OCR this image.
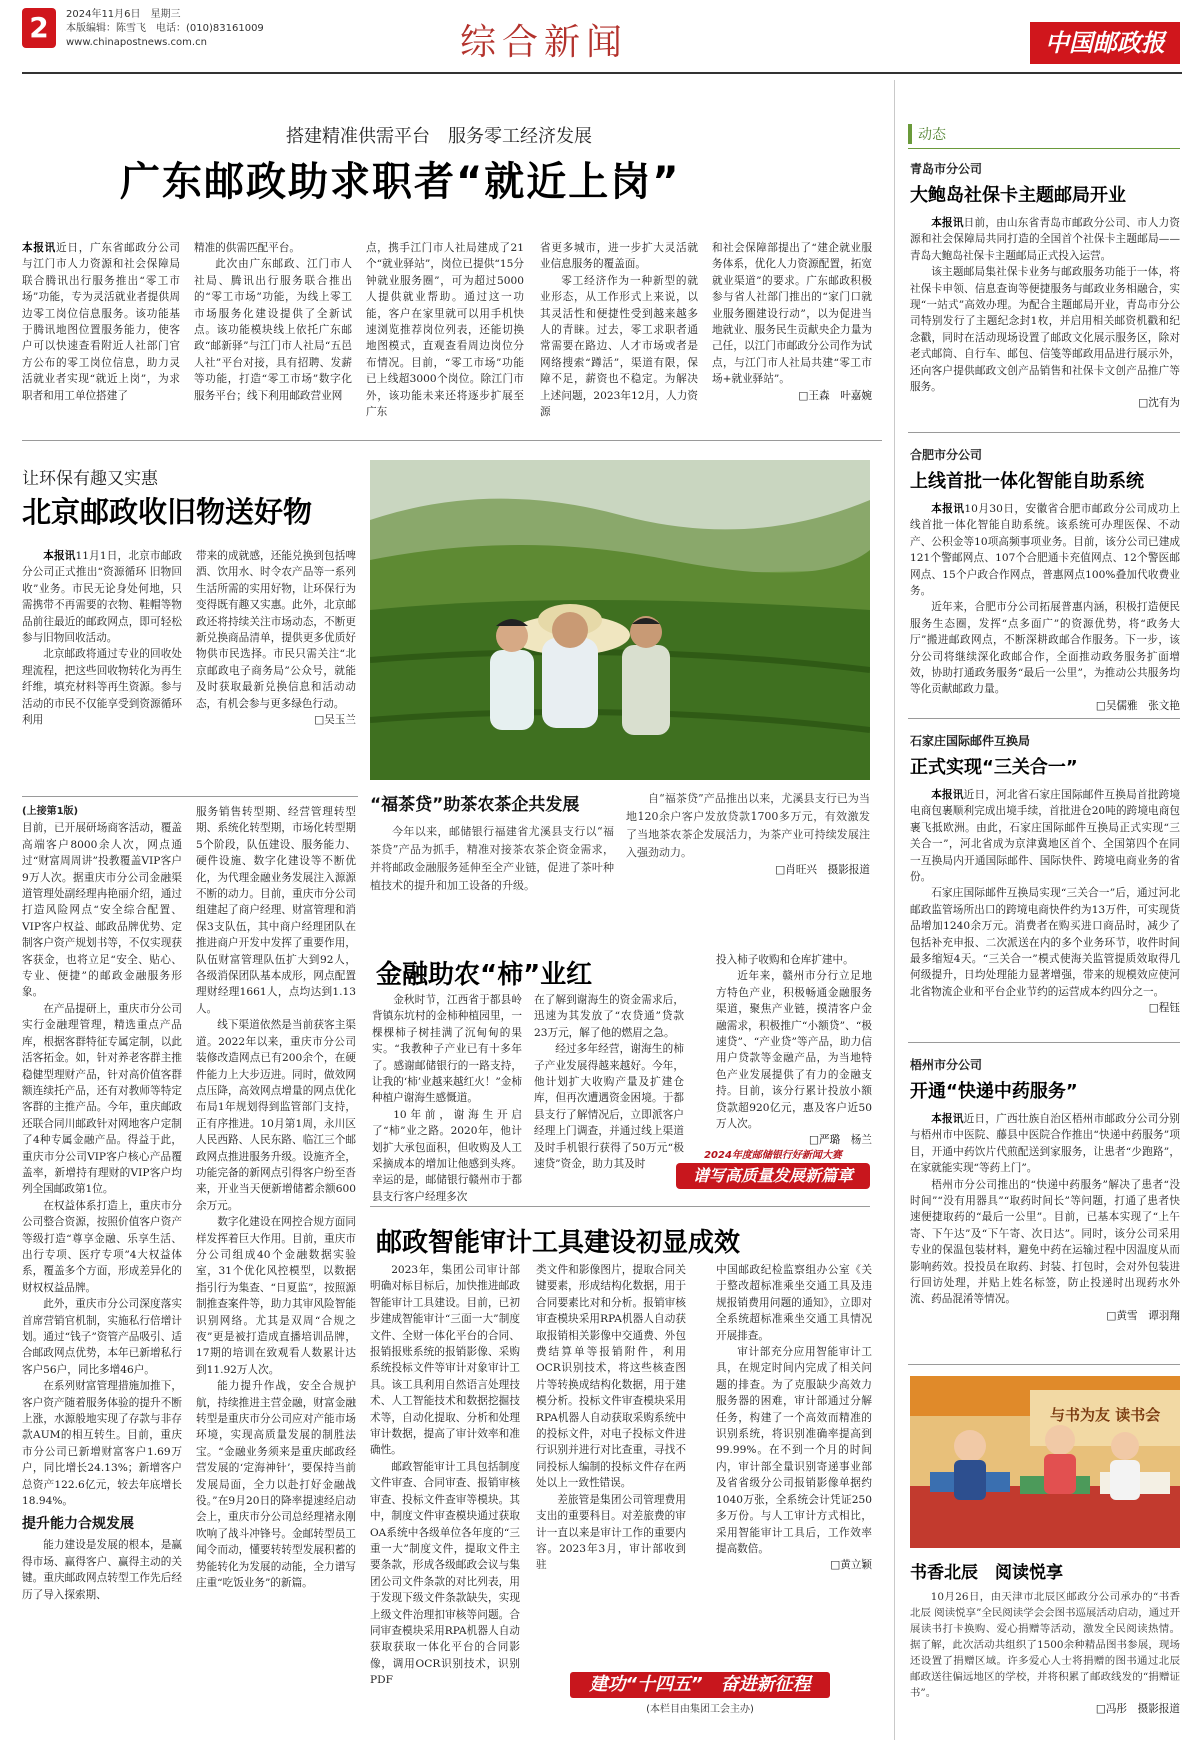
2	2024年11月6日　星期三
本版编辑：陈雪飞　电话：(010)83161009
www.chinapostnews.com.cn	综合新闻	中国邮政报
搭建精准供需平台　服务零工经济发展
广东邮政助求职者“就近上岗”
本报讯近日，广东省邮政分公司与江门市人力资源和社会保障局联合腾讯出行服务推出“零工市场”功能，专为灵活就业者提供周边零工岗位信息服务。该功能基于腾讯地图位置服务能力，使客户可以快速查看附近人社部门官方公布的零工岗位信息，助力灵活就业者实现“就近上岗”，为求职者和用工单位搭建了
精准的供需匹配平台。
此次由广东邮政、江门市人社局、腾讯出行服务联合推出的“零工市场”功能，为线上零工市场服务化建设提供了全新试点。该功能模块线上依托广东邮政“邮新驿”与江门市人社局“五邑人社”平台对接，具有招聘、发薪等功能，打造“零工市场”数字化服务平台；线下利用邮政营业网
点，携手江门市人社局建成了21个“就业驿站”，岗位已提供“15分钟就业服务圈”，可为超过5000人提供就业帮助。通过这一功能，客户在家里就可以用手机快速浏览推荐岗位列表，还能切换地图模式，直观查看周边岗位分布情况。目前，“零工市场”功能已上线超3000个岗位。除江门市外，该功能未来还将逐步扩展至广东
省更多城市，进一步扩大灵活就业信息服务的覆盖面。
零工经济作为一种新型的就业形态，从工作形式上来说，以其灵活性和便捷性受到越来越多人的青睐。过去，零工求职者通常需要在路边、人才市场或者是网络搜索“蹲活”，渠道有限，保障不足，薪资也不稳定。为解决上述问题，2023年12月，人力资源
和社会保障部提出了“建企就业服务体系，优化人力资源配置，拓宽就业渠道”的要求。广东邮政积极参与省人社部门推出的“家门口就业服务圈建设行动”，以为促进当地就业、服务民生贡献央企力量为己任，以江门市邮政分公司作为试点，与江门市人社局共建“零工市场+就业驿站”。
□王森　叶嘉婉
让环保有趣又实惠
北京邮政收旧物送好物
本报讯11月1日，北京市邮政分公司正式推出“资源循环 旧物回收”业务。市民无论身处何地，只需携带不再需要的衣物、鞋帽等物品前往最近的邮政网点，即可轻松参与旧物回收活动。
北京邮政将通过专业的回收处理流程，把这些回收物转化为再生纤维，填充材料等再生资源。参与活动的市民不仅能享受到资源循环利用
带来的成就感，还能兑换到包括啤酒、饮用水、时令农产品等一系列生活所需的实用好物，让环保行为变得既有趣又实惠。此外，北京邮政还将持续关注市场动态，不断更新兑换商品清单，提供更多优质好物供市民选择。市民只需关注“北京邮政电子商务局”公众号，就能及时获取最新兑换信息和活动动态，有机会参与更多绿色行动。
□吴玉兰
“福茶贷”助茶农茶企共发展
今年以来，邮储银行福建省尤溪县支行以“福茶贷”产品为抓手，精准对接茶农茶企资金需求，并将邮政金融服务延伸至全产业链，促进了茶叶种植技术的提升和加工设备的升级。
自“福茶贷”产品推出以来，尤溪县支行已为当地120余户客户发放贷款1700多万元，有效激发了当地茶农茶企发展活力，为茶产业可持续发展注入强劲动力。
□肖旺兴　摄影报道
(上接第1版)
目前，已开展研场商客活动，覆盖高端客户8000余人次，网点通过“财富周周讲”投教覆盖VIP客户9万人次。据重庆市分公司金融渠道管理处副经理冉艳丽介绍，通过打造风险网点“安全综合配置、VIP客户权益、邮政品牌优势、定制客户资产规划书等，不仅实现获客获金，也将立足“安全、贴心、专业、便捷”的邮政金融服务形象。
在产品提研上，重庆市分公司实行金融理管理，精选重点产品库，根据客群特征专属定制，以此活客拓金。如，针对养老客群主推稳健型理财产品，针对高价值客群额连续托产品，还有对教师等特定客群的主推产品。今年，重庆邮政还联合同川邮政针对网地客户定制了4种专属金融产品。得益于此，重庆市分公司VIP客户核心产品覆盖率，新增持有理财的VIP客户均列全国邮政第1位。
在权益体系打造上，重庆市分公司整合资源，按照价值客户资产等级打造“尊享金融、乐享生活、出行专项、医疗专项”4大权益体系，覆盖多个方面，形成差异化的财权权益品牌。
此外，重庆市分公司深度落实首席营销官机制，实施私行倍增计划。通过“钱子”资管产品吸引、适合邮政网点优势，本年已新增私行客户56户，同比多增46户。
在系列财富管理措施加推下，客户资产随着服务体验的提升不断上涨，水源般地实现了存款与非存款AUM的相互转生。目前，重庆市分公司已新增财富客户1.69万户，同比增长24.13%；新增客户总资产122.6亿元，较去年底增长18.94%。
提升能力合规发展
能力建设是发展的根本，是赢得市场、赢得客户、赢得主动的关键。重庆邮政网点转型工作先后经历了导入探索期、
服务销售转型期、经营管理转型期、系统化转型期，市场化转型期5个阶段，队伍建设、服务能力、硬件设施、数字化建设等不断优化，为代理金融业务发展注入源源不断的动力。目前，重庆市分公司组建起了商户经理、财富管理和消保3支队伍，其中商户经理团队在推进商户开发中发挥了重要作用，队伍财富管理队伍扩大到92人，各级消保团队基本成形，网点配置理财经理1661人，点均达到1.13人。
线下渠道依然是当前获客主渠道。2022年以来，重庆市分公司装修改造网点已有200余个，在硬件能力上大步迈进。同时，做效网点压降，高效网点增量的网点优化布局1年规划得到监管部门支持，正有序推进。10月第1周，永川区人民西路、人民东路、临江三个邮政网点推进服务升级。设施齐全，功能完备的新网点引得客户纷至沓来，开业当天便新增储蓄余额600余万元。
数字化建设在网控合规方面同样发挥着巨大作用。目前，重庆市分公司组成40个金融数据实验室，31个优化风控模型，以数据指引行为集查、“日夏监”，按照源制推查案件等，助力其审风险智能识别网络。尤其是双周“合规之夜”更是被打造成直播培训品牌，17期的培训在致观看人数累计达到11.92万人次。
能力提升作战，安全合规护航，持续推进主营金融，财富金融转型是重庆市分公司应对产能市场环境，实现高质量发展的制胜法宝。“金融业务须来是重庆邮政经营发展的‘定海神针’，要保持当前发展局面，全力以赴打好金融战役。”在9月20日的降率提速经启动会上，重庆市分公司总经理褚永刚吹响了战斗冲锋号。金邮转型员工闻令而动，懂要转转型发展积蓄的势能转化为发展的动能，全力谱写庄重“吃饭业务”的新篇。
金融助农“柿”业红
金秋时节，江西省于都县岭背镇东坑村的金柿种植园里，一棵棵柿子树挂满了沉甸甸的果实。“我教种子产业已有十多年了。感谢邮储银行的一路支持，让我的‘柿’业越来越红火！”金柿种植户谢海生感慨道。
10年前，谢海生开启了“柿”业之路。2020年，他计划扩大承包面积，但收购及人工采摘成本的增加让他感到头疼。幸运的是，邮储银行赣州市于都县支行客户经理多次
在了解到谢海生的资金需求后，迅速为其发放了“农贷通”贷款23万元，解了他的燃眉之急。
经过多年经营，谢海生的柿子产业发展得越来越好。今年，他计划扩大收购产量及扩建仓库，但再次遭遇资金困境。于都县支行了解情况后，立即派客户经理上门调查，并通过线上渠道及时手机银行获得了50万元“极速贷”资金，助力其及时
投入柿子收购和仓库扩建中。
近年来，赣州市分行立足地方特色产业，积极畅通金融服务渠道，聚焦产业链，摸清客户金融需求，积极推广“小额贷”、“极速贷”、“产业贷”等产品，助力信用户贷款等金融产品，为当地特色产业发展提供了有力的金融支持。目前，该分行累计投放小额贷款超920亿元，惠及客户近50万人次。
□严璐　杨兰
2024年度邮储银行好新闻大赛
谱写高质量发展新篇章
邮政智能审计工具建设初显成效
2023年，集团公司审计部明确对标目标后，加快推进邮政智能审计工具建设。目前，已初步建成智能审计“三面一大”制度文件、全财一体化平台的合同、报销报账系统的报销影像、采购系统投标文件等审计对象审计工具。该工具利用自然语言处理技术、人工智能技术和数据挖掘技术等，自动化提取、分析和处理审计数据，提高了审计效率和准确性。
邮政智能审计工具包括制度文件审查、合同审查、报销审核审查、投标文件查审等模块。其中，制度文件审查模块通过获取OA系统中各级单位各年度的“三重一大”制度文件，提取文件主要条款，形成各级邮政会议与集团公司文件条款的对比列表，用于发现下级文件条款缺失，实现上级文件治理扣审核等问题。合同审查模块采用RPA机器人自动获取获取一体化平台的合同影像，调用OCR识别技术，识别PDF
类文件和影像图片，提取合同关键要素，形成结构化数据，用于合同要素比对和分析。报销审核审查模块采用RPA机器人自动获取报销相关影像中交通费、外包费结算单等报销附件，利用OCR识别技术，将这些核查图片等转换成结构化数据，用于建模分析。投标文件审查模块采用RPA机器人自动获取采购系统中的投标文件，对电子投标文件进行识别并进行对比查重，寻找不同投标人编制的投标文件存在两处以上一致性错误。
差旅管是集团公司管理费用支出的重要科目。对差旅费的审计一直以来是审计工作的重要内容。2023年3月，审计部收到驻
中国邮政纪检监察组办公室《关于整改超标准乘坐交通工具及违规报销费用问题的通知》，立即对全系统超标准乘坐交通工具情况开展排查。
审计部充分应用智能审计工具，在规定时间内完成了相关问题的排查。为了克服缺少高效力服务器的困难，审计部通过分解任务，构建了一个高效而精准的识别系统，将识别准确率提高到99.99%。在不到一个月的时间内，审计部全量识别寄递事业部及省省级分公司报销影像单据约1040万张，全系统会计凭证250多万份。与人工审计方式相比，采用智能审计工具后，工作效率提高数倍。
□黄立颖
建功“十四五”　奋进新征程
(本栏目由集团工会主办)
动态
青岛市分公司
大鲍岛社保卡主题邮局开业
本报讯日前，由山东省青岛市邮政分公司、市人力资源和社会保障局共同打造的全国首个社保卡主题邮局——青岛大鲍岛社保卡主题邮局正式投入运营。
该主题邮局集社保卡业务与邮政服务功能于一体，将社保卡申领、信息查询等便捷服务与邮政业务相融合，实现“一站式”高效办理。为配合主题邮局开业，青岛市分公司特别发行了主题纪念封1枚，并启用相关邮资机戳和纪念戳，同时在活动现场设置了邮政文化展示服务区，除对老式邮筒、自行车、邮包、信笺等邮政用品进行展示外，还向客户提供邮政文创产品销售和社保卡文创产品推广等服务。
□沈有为
合肥市分公司
上线首批一体化智能自助系统
本报讯10月30日，安徽省合肥市邮政分公司成功上线首批一体化智能自助系统。该系统可办理医保、不动产、公积金等10项高频事项业务。目前，该分公司已建成121个警邮网点、107个合肥通卡充值网点、12个警医邮网点、15个户政合作网点，普惠网点100%叠加代收费业务。
近年来，合肥市分公司拓展普惠内涵，积极打造便民服务生态圈，发挥“点多面广”的资源优势，将“政务大厅”搬进邮政网点，不断深耕政邮合作服务。下一步，该分公司将继续深化政邮合作，全面推动政务服务扩面增效，协助打通政务服务“最后一公里”，为推动公共服务均等化贡献邮政力量。
□吴儒雅　张文艳
石家庄国际邮件互换局
正式实现“三关合一”
本报讯近日，河北省石家庄国际邮件互换局首批跨境电商包裹顺利完成出境手续，首批进仓20吨的跨境电商包裹飞抵欧洲。由此，石家庄国际邮件互换局正式实现“三关合一”，河北省成为京津冀地区首个、全国第四个在同一互换局内开通国际邮件、国际快件、跨境电商业务的省份。
石家庄国际邮件互换局实现“三关合一”后，通过河北邮政监管场所出口的跨境电商快件约为13万件，可实现货品增加1240余万元。消费者在购买进口商品时，减少了包括补充申报、二次派送在内的多个业务环节，收件时间最多缩短4天。“三关合一”模式使海关监管提质效取得几何级提升，日均处理能力显著增强，带来的规模效应使河北省物流企业和平台企业节约的运营成本约四分之一。
□程钰
梧州市分公司
开通“快递中药服务”
本报讯近日，广西壮族自治区梧州市邮政分公司分别与梧州市中医院、藤县中医院合作推出“快递中药服务”项目，开通中药饮片代煎配送到家服务，让患者“少跑路”，在家就能实现“等药上门”。
梧州市分公司推出的“快递中药服务”解决了患者“没时间”“没有用器具”“取药时间长”等问题，打通了患者快速便捷取药的“最后一公里”。目前，已基本实现了“上午寄、下午达”及“下午寄、次日达”。同时，该分公司采用专业的保温包装材料，避免中药在运输过程中因温度从而影响药效。投投员在取药、封装、打包时，会对外包装进行回访处理，并贴上姓名标签，防止投递时出现药水外流、药品混淆等情况。
□黄雪　谭羽翔
与书为友 读书会
书香北辰　阅读悦享
10月26日，由天津市北辰区邮政分公司承办的“书香北辰 阅读悦享”全民阅读学会会图书巡展活动启动，通过开展读书打卡换购、爱心捐赠等活动，激发全民阅读热情。据了解，此次活动共组织了1500余种精品图书参展，现场还设置了捐赠区域。许多爱心人士将捐赠的图书通过北辰邮政送往偏远地区的学校，并将积累了邮政线发的“捐赠证书”。
□冯彤　摄影报道
